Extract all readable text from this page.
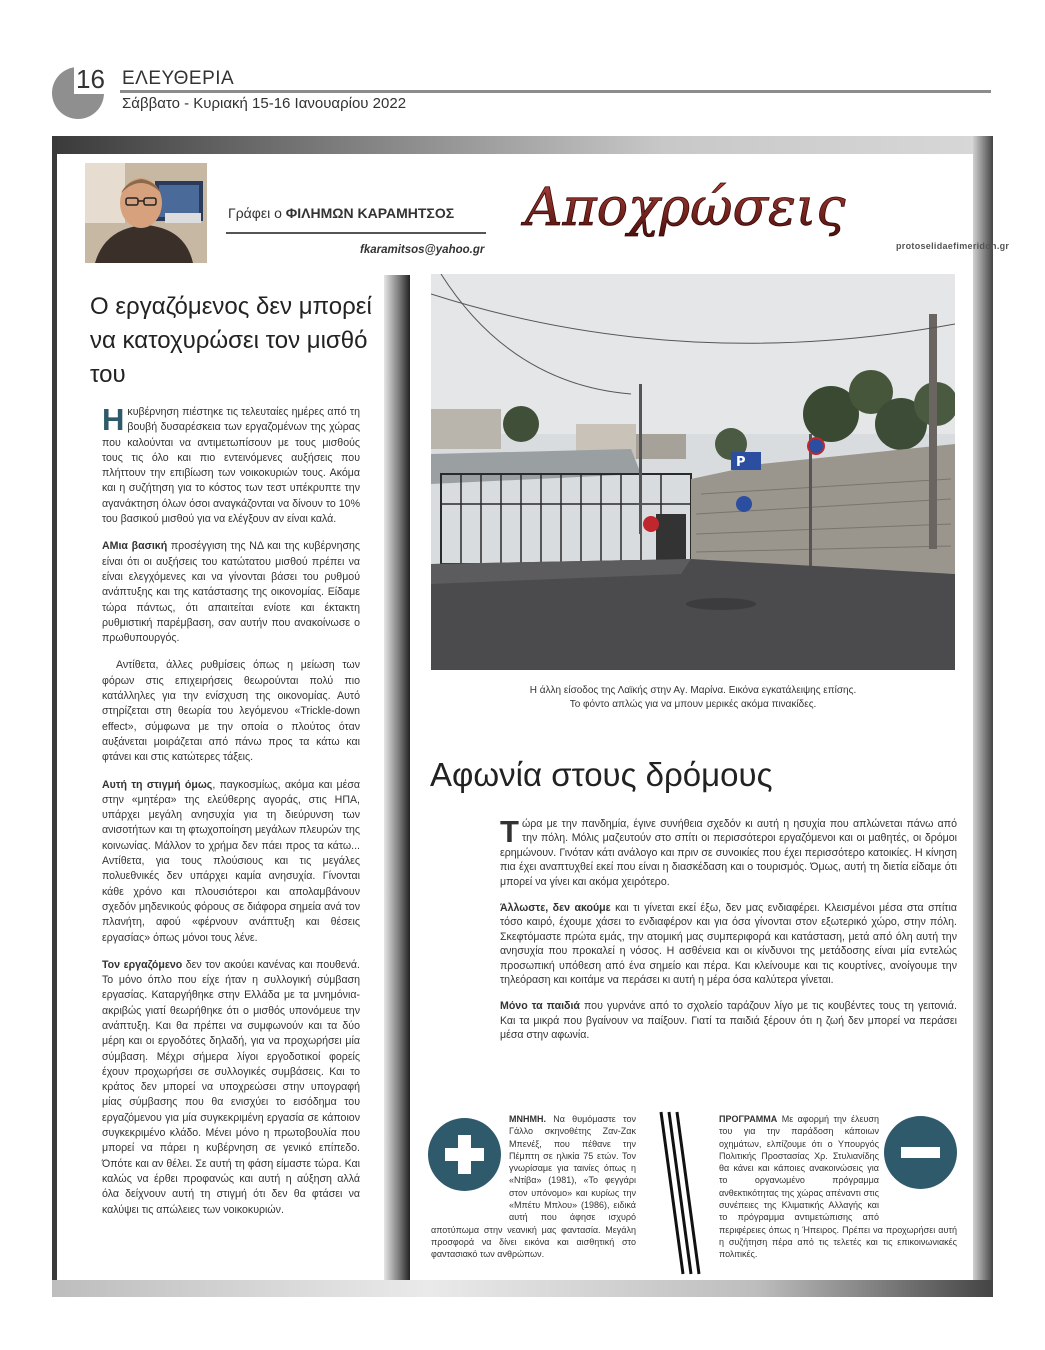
16 ΕΛΕΥΘΕΡΙΑ
Σάββατο - Κυριακή 15-16 Ιανουαρίου 2022
Γράφει ο ΦΙΛΗΜΩΝ ΚΑΡΑΜΗΤΣΟΣ
fkaramitsos@yahoo.gr
Αποχρώσεις
protoselidaefimeridon.gr
Ο εργαζόμενος δεν μπορεί να κατοχυρώσει τον μισθό του

Ηκυβέρνηση πιέστηκε τις τελευταίες ημέρες από τη βουβή δυσαρέσκεια των εργαζομένων της χώρας που καλούνται να αντιμετωπίσουν με τους μισθούς τους τις όλο και πιο εντεινόμενες αυξήσεις που πλήττουν την επιβίωση των νοικοκυριών τους. Ακόμα και η συζήτηση για το κόστος των τεστ υπέκρυπτε την αγανάκτηση όλων όσοι αναγκάζονται να δίνουν το 10% του βασικού μισθού για να ελέγξουν αν είναι καλά.

ΑΜια βασική προσέγγιση της ΝΔ και της κυβέρνησης είναι ότι οι αυξήσεις του κατώτατου μισθού πρέπει να είναι ελεγχόμενες και να γίνονται βάσει του ρυθμού ανάπτυξης και της κατάστασης της οικονομίας. Είδαμε τώρα πάντως, ότι απαιτείται ενίοτε και έκτακτη ρυθμιστική παρέμβαση, σαν αυτήν που ανακοίνωσε ο πρωθυπουργός.

Αντίθετα, άλλες ρυθμίσεις όπως η μείωση των φόρων στις επιχειρήσεις θεωρούνται πολύ πιο κατάλληλες για την ενίσχυση της οικονομίας. Αυτό στηρίζεται στη θεωρία του λεγόμενου «Trickle-down effect», σύμφωνα με την οποία ο πλούτος όταν αυξάνεται μοιράζεται από πάνω προς τα κάτω και φτάνει και στις κατώτερες τάξεις.

Αυτή τη στιγμή όμως, παγκοσμίως, ακόμα και μέσα στην «μητέρα» της ελεύθερης αγοράς, στις ΗΠΑ, υπάρχει μεγάλη ανησυχία για τη διεύρυνση των ανισοτήτων και τη φτωχοποίηση μεγάλων πλευρών της κοινωνίας. Μάλλον το χρήμα δεν πάει προς τα κάτω... Αντίθετα, για τους πλούσιους και τις μεγάλες πολυεθνικές δεν υπάρχει καμία ανησυχία. Γίνονται κάθε χρόνο και πλουσιότεροι και απολαμβάνουν σχεδόν μηδενικούς φόρους σε διάφορα σημεία ανά τον πλανήτη, αφού «φέρνουν ανάπτυξη και θέσεις εργασίας» όπως μόνοι τους λένε.

Τον εργαζόμενο δεν τον ακούει κανένας και πουθενά. Το μόνο όπλο που είχε ήταν η συλλογική σύμβαση εργασίας. Καταργήθηκε στην Ελλάδα με τα μνημόνια- ακριβώς γιατί θεωρήθηκε ότι ο μισθός υπονόμευε την ανάπτυξη. Και θα πρέπει να συμφωνούν και τα δύο μέρη και οι εργοδότες δηλαδή, για να προχωρήσει μία σύμβαση. Μέχρι σήμερα λίγοι εργοδοτικοί φορείς έχουν προχωρήσει σε συλλογικές συμβάσεις. Και το κράτος δεν μπορεί να υποχρεώσει στην υπογραφή μίας σύμβασης που θα ενισχύει το εισόδημα του εργαζόμενου για μία συγκεκριμένη εργασία σε κάποιον συγκεκριμένο κλάδο. Μένει μόνο η πρωτοβουλία που μπορεί να πάρει η κυβέρνηση σε γενικό επίπεδο. Όπότε και αν θέλει. Σε αυτή τη φάση είμαστε τώρα. Και καλώς να έρθει προφανώς και αυτή η αύξηση αλλά όλα δείχνουν αυτή τη στιγμή ότι δεν θα φτάσει να καλύψει τις απώλειες των νοικοκυριών.

P
Η άλλη είσοδος της Λαϊκής στην Αγ. Μαρίνα. Εικόνα εγκατάλειψης επίσης.
Το φόντο απλώς για να μπουν μερικές ακόμα πινακίδες.
Αφωνία στους δρόμους

Τώρα με την πανδημία, έγινε συνήθεια σχεδόν κι αυτή η ησυχία που απλώνεται πάνω από την πόλη. Μόλις μαζευτούν στο σπίτι οι περισσότεροι εργαζόμενοι και οι μαθητές, οι δρόμοι ερημώνουν. Γινόταν κάτι ανάλογο και πριν σε συνοικίες που έχει περισσότερο κατοικίες. Η κίνηση πια έχει αναπτυχθεί εκεί που είναι η διασκέδαση και ο τουρισμός. Όμως, αυτή τη διετία είδαμε ότι μπορεί να γίνει και ακόμα χειρότερο.

Άλλωστε, δεν ακούμε και τι γίνεται εκεί έξω, δεν μας ενδιαφέρει. Κλεισμένοι μέσα στα σπίτια τόσο καιρό, έχουμε χάσει το ενδιαφέρον και για όσα γίνονται στον εξωτερικό χώρο, στην πόλη. Σκεφτόμαστε πρώτα εμάς, την ατομική μας συμπεριφορά και κατάσταση, μετά από όλη αυτή την ανησυχία που προκαλεί η νόσος. Η ασθένεια και οι κίνδυνοι της μετάδοσης είναι μία εντελώς προσωπική υπόθεση από ένα σημείο και πέρα. Και κλείνουμε και τις κουρτίνες, ανοίγουμε την τηλεόραση και κοιτάμε να περάσει κι αυτή η μέρα όσα καλύτερα γίνεται.

Μόνο τα παιδιά που γυρνάνε από το σχολείο ταράζουν λίγο με τις κουβέντες τους τη γειτονιά. Και τα μικρά που βγαίνουν να παίξουν. Γιατί τα παιδιά ξέρουν ότι η ζωή δεν μπορεί να περάσει μέσα στην αφωνία.

ΜΝΗΜΗ. Να θυμόμαστε τον Γάλλο σκηνοθέτης Ζαν-Ζακ Μπενέξ, που πέθανε την Πέμπτη σε ηλικία 75 ετών. Τον γνωρίσαμε για ταινίες όπως η «Ντίβα» (1981), «Το φεγγάρι στον υπόνομο» και κυρίως την «Μπέτυ Μπλου» (1986), ειδικά αυτή που άφησε ισχυρό αποτύπωμα στην νεανική μας φαντασία. Μεγάλη προσφορά να δίνει εικόνα και αισθητική στο φαντασιακό των ανθρώπων.
ΠΡΟΓΡΑΜΜΑ Με αφορμή την έλευση του για την παράδοση κάποιων οχημάτων, ελπίζουμε ότι ο Υπουργός Πολιτικής Προστασίας Χρ. Στυλιανίδης θα κάνει και κάποιες ανακοινώσεις για το οργανωμένο πρόγραμμα ανθεκτικότητας της χώρας απέναντι στις συνέπειες της Κλιματικής Αλλαγής και το πρόγραμμα αντιμετώπισης από περιφέρειες όπως η Ήπειρος. Πρέπει να προχωρήσει αυτή η συζήτηση πέρα από τις τελετές και τις επικοινωνιακές πολιτικές.
